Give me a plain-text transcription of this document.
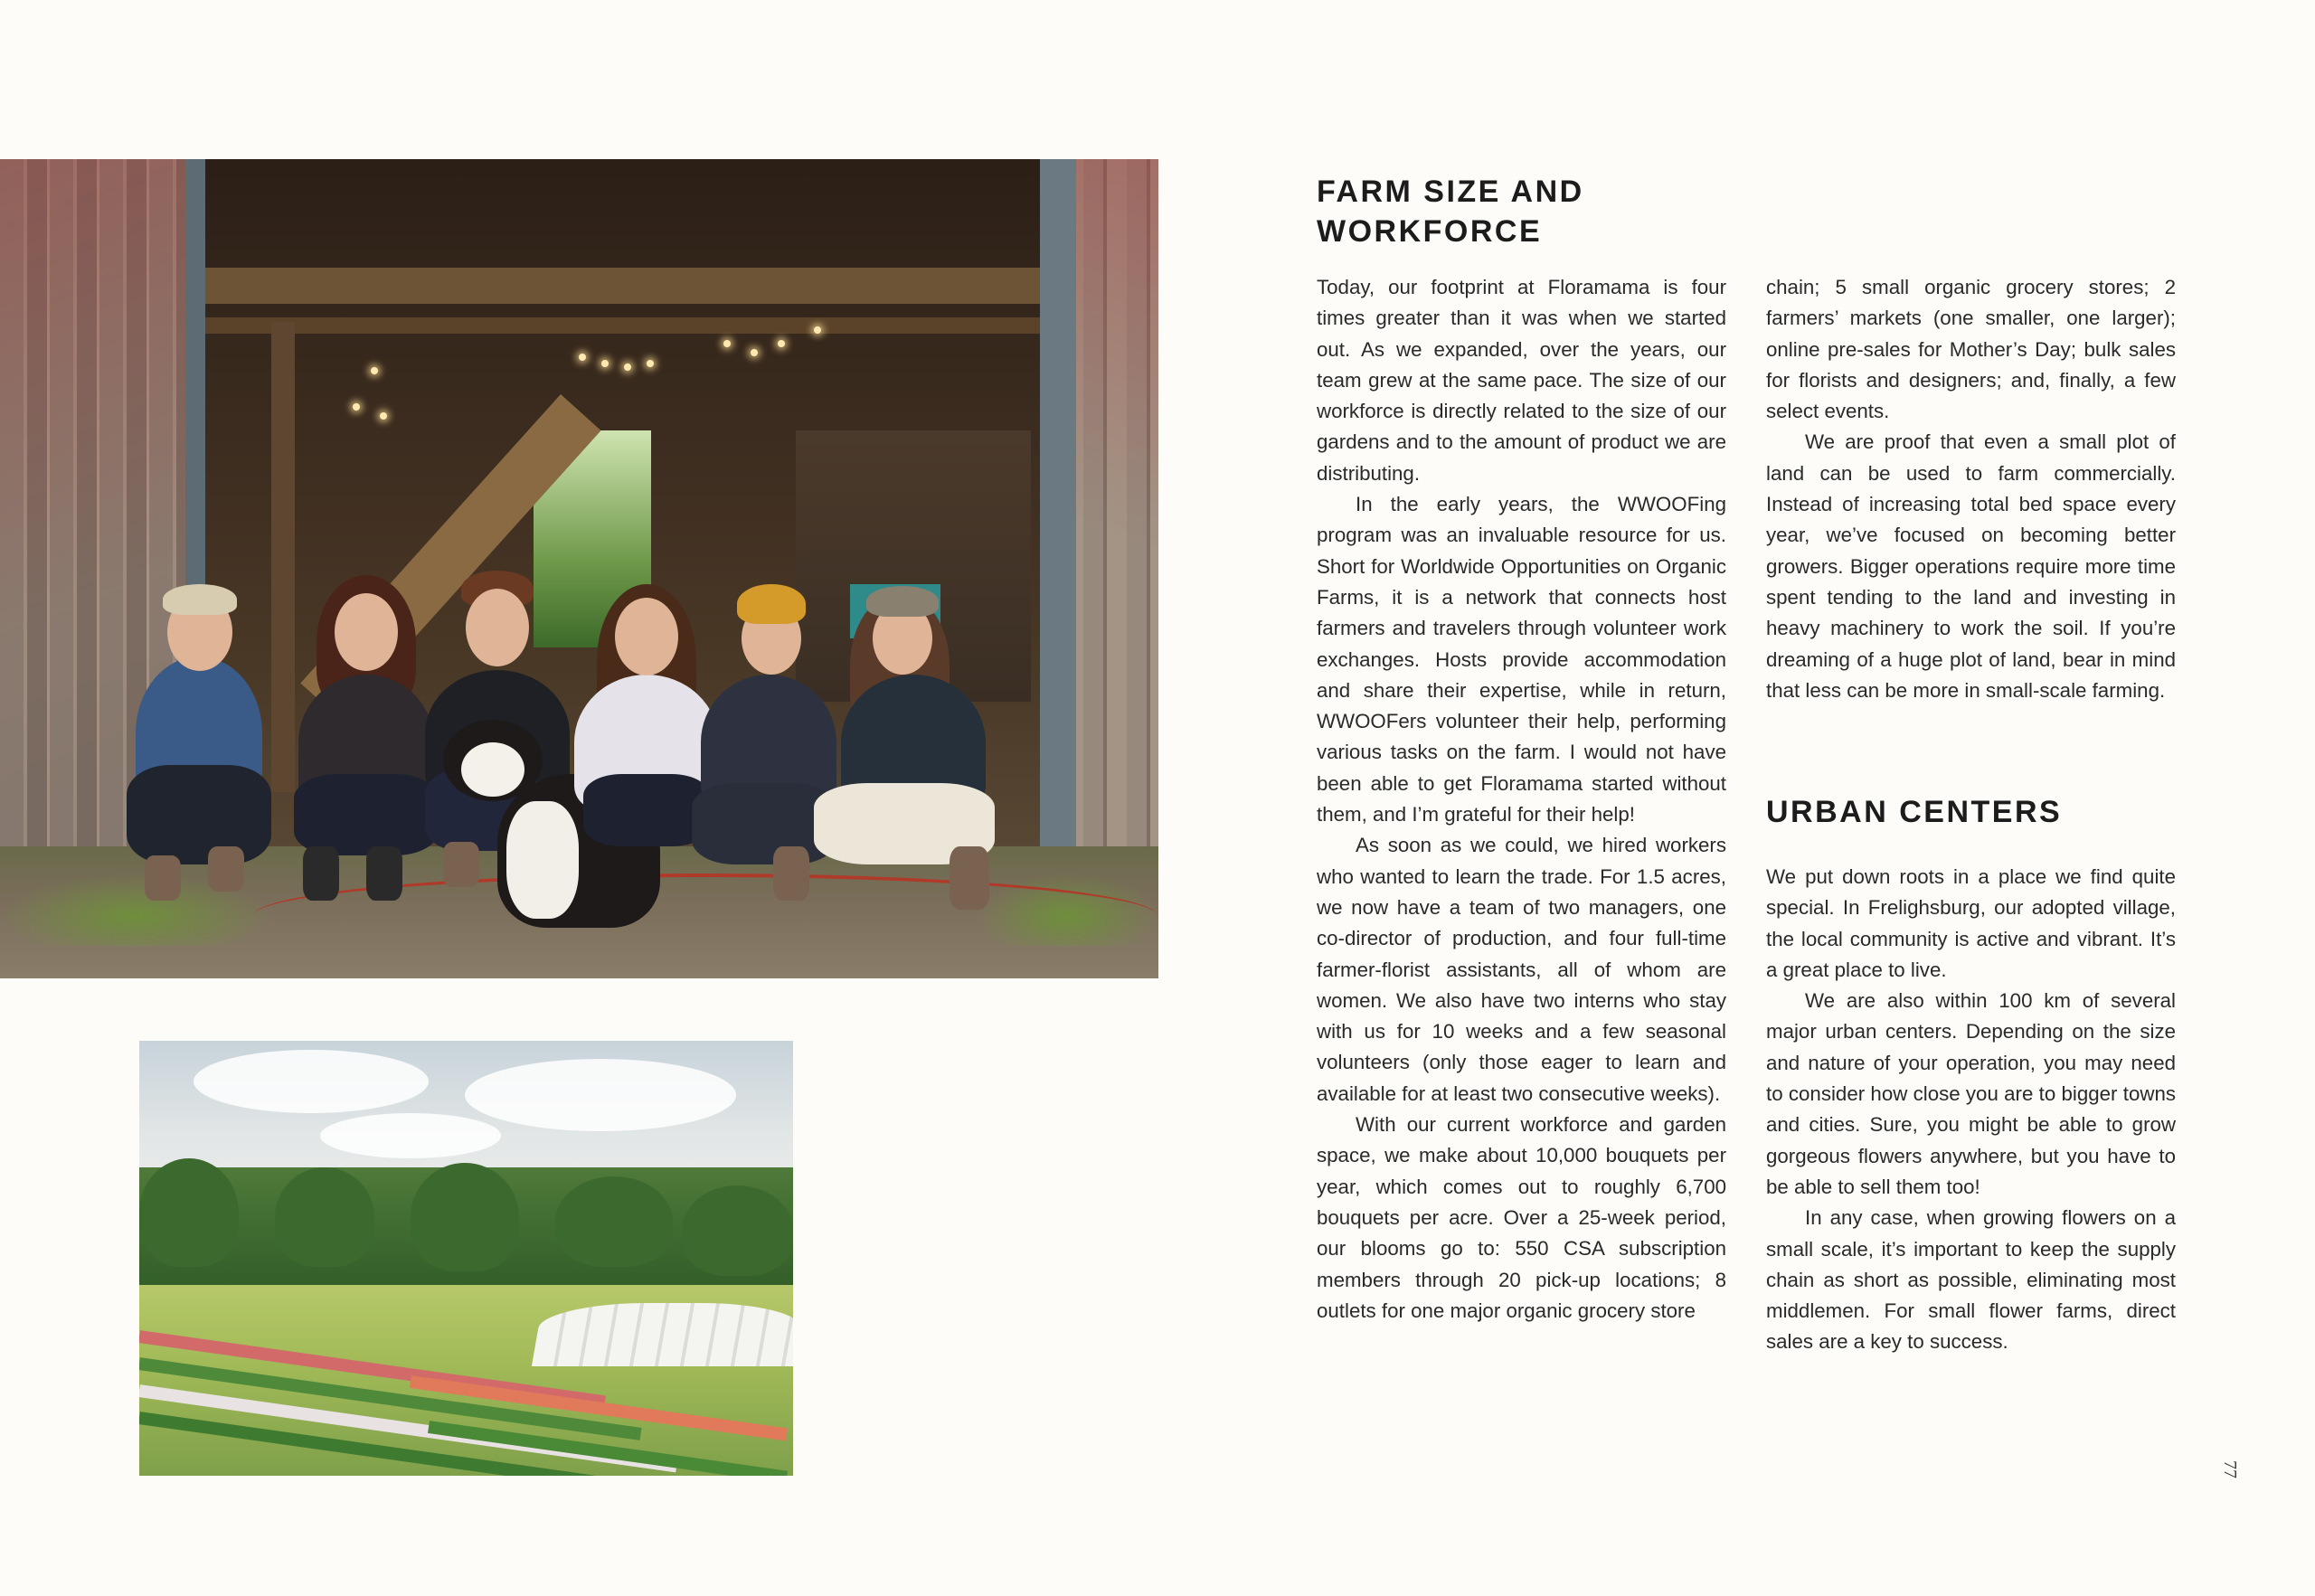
FARM SIZE AND WORKFORCE
URBAN CENTERS

Today, our footprint at Floramama is four times greater than it was when we started out. As we expanded, over the years, our team grew at the same pace. The size of our workforce is directly related to the size of our gardens and to the amount of product we are distributing.

In the early years, the WWOOFing program was an invaluable resource for us. Short for Worldwide Opportunities on Organic Farms, it is a network that connects host farmers and travelers through volunteer work exchanges. Hosts provide accommodation and share their expertise, while in return, WWOOFers volunteer their help, performing various tasks on the farm. I would not have been able to get Floramama started without them, and I’m grateful for their help!

As soon as we could, we hired workers who wanted to learn the trade. For 1.5 acres, we now have a team of two managers, one co-director of production, and four full-time farmer-florist assistants, all of whom are women. We also have two interns who stay with us for 10 weeks and a few seasonal volunteers (only those eager to learn and available for at least two consecutive weeks).

With our current workforce and garden space, we make about 10,000 bouquets per year, which comes out to roughly 6,700 bouquets per acre. Over a 25-week period, our blooms go to: 550 CSA subscription members through 20 pick-up locations; 8 outlets for one major organic grocery store

chain; 5 small organic grocery stores; 2 farmers’ markets (one smaller, one larger); online pre-sales for Mother’s Day; bulk sales for florists and designers; and, finally, a few select events.

We are proof that even a small plot of land can be used to farm commercially. Instead of increasing total bed space every year, we’ve focused on becoming better growers. Bigger operations require more time spent tending to the land and investing in heavy machinery to work the soil. If you’re dreaming of a huge plot of land, bear in mind that less can be more in small-scale farming.

We put down roots in a place we find quite special. In Frelighsburg, our adopted village, the local community is active and vibrant. It’s a great place to live.

We are also within 100 km of several major urban centers. Depending on the size and nature of your operation, you may need to consider how close you are to bigger towns and cities. Sure, you might be able to grow gorgeous flowers anywhere, but you have to be able to sell them too!

In any case, when growing flowers on a small scale, it’s important to keep the supply chain as short as possible, eliminating most middlemen. For small flower farms, direct sales are a key to success.

77
